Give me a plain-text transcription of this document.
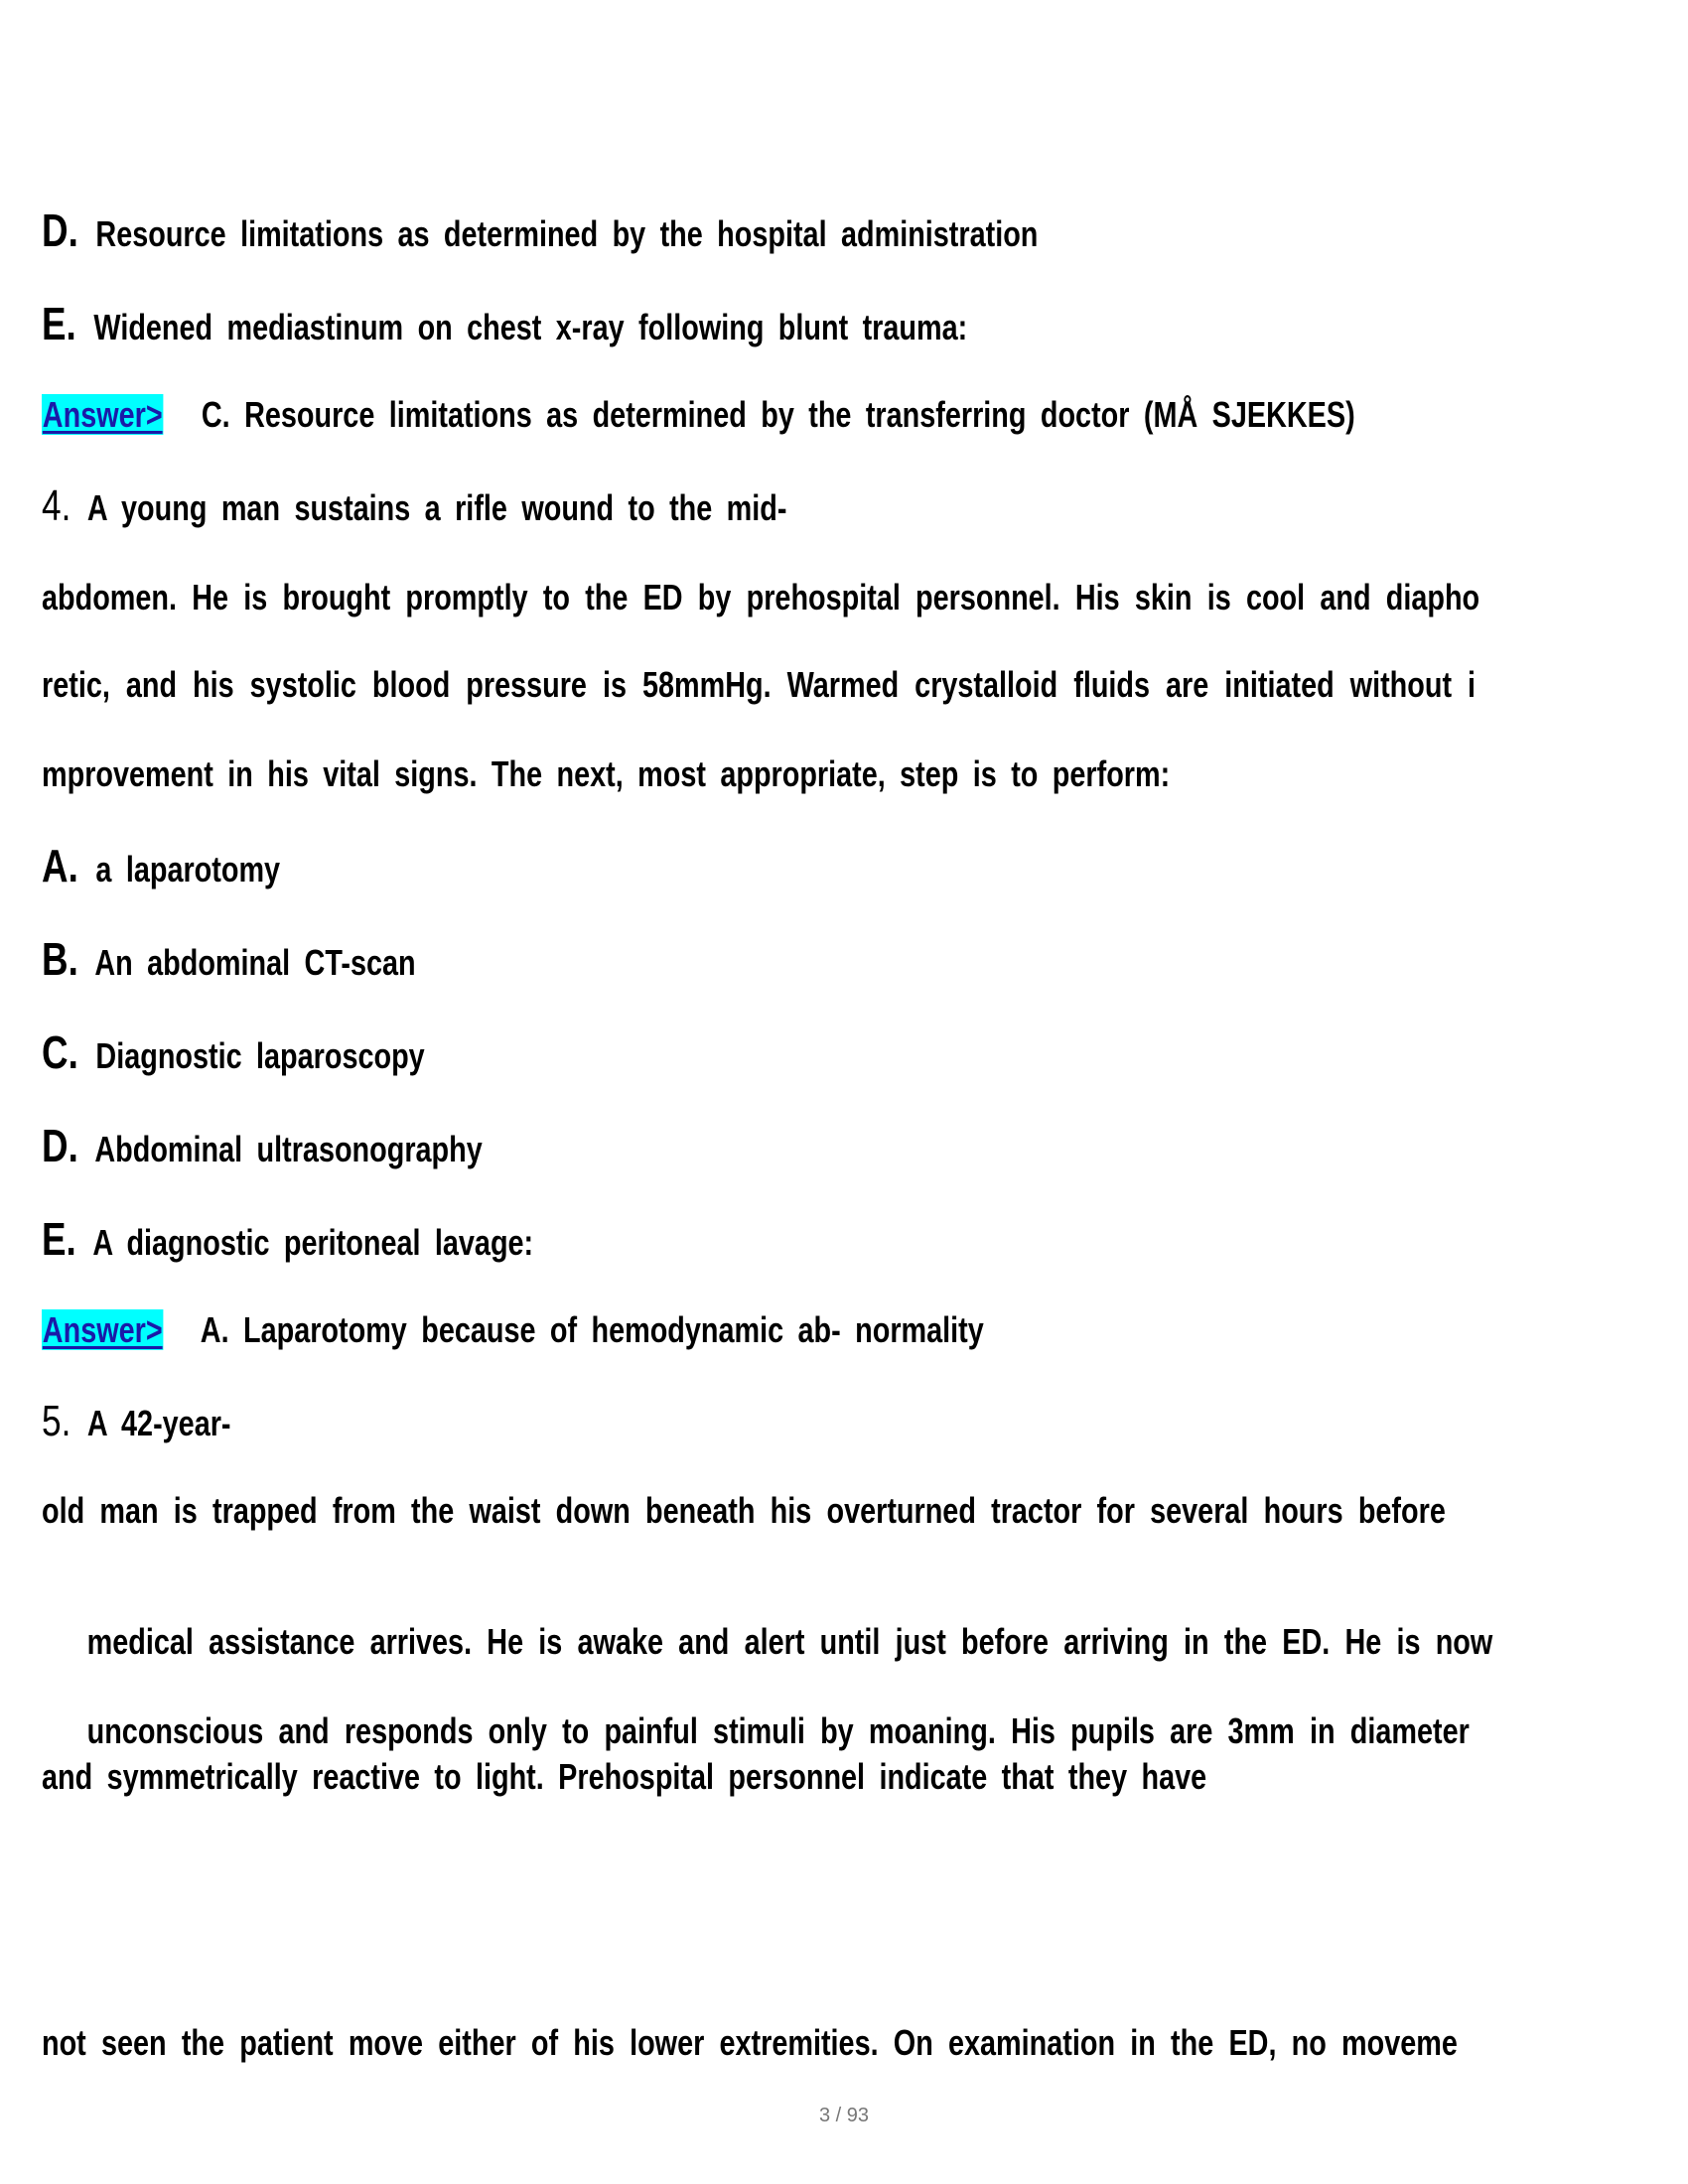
D. Resource limitations as determined by the hospital administration
E. Widened mediastinum on chest x-ray following blunt trauma:
Answer> C. Resource limitations as determined by the transferring doctor (MÅ SJEKKES)
4. A young man sustains a rifle wound to the mid-
abdomen. He is brought promptly to the ED by prehospital personnel. His skin is cool and diapho
retic, and his systolic blood pressure is 58mmHg. Warmed crystalloid fluids are initiated without i
mprovement in his vital signs. The next, most appropriate, step is to perform:
A. a laparotomy
B. An abdominal CT-scan
C. Diagnostic laparoscopy
D. Abdominal ultrasonography
E. A diagnostic peritoneal lavage:
Answer> A. Laparotomy because of hemodynamic ab- normality
5. A 42-year-
old man is trapped from the waist down beneath his overturned tractor for several hours before

medical assistance arrives. He is awake and alert until just before arriving in the ED. He is now

unconscious and responds only to painful stimuli by moaning. His pupils are 3mm in diameter

and symmetrically reactive to light. Prehospital personnel indicate that they have
not seen the patient move either of his lower extremities. On examination in the ED, no moveme
3 / 93
